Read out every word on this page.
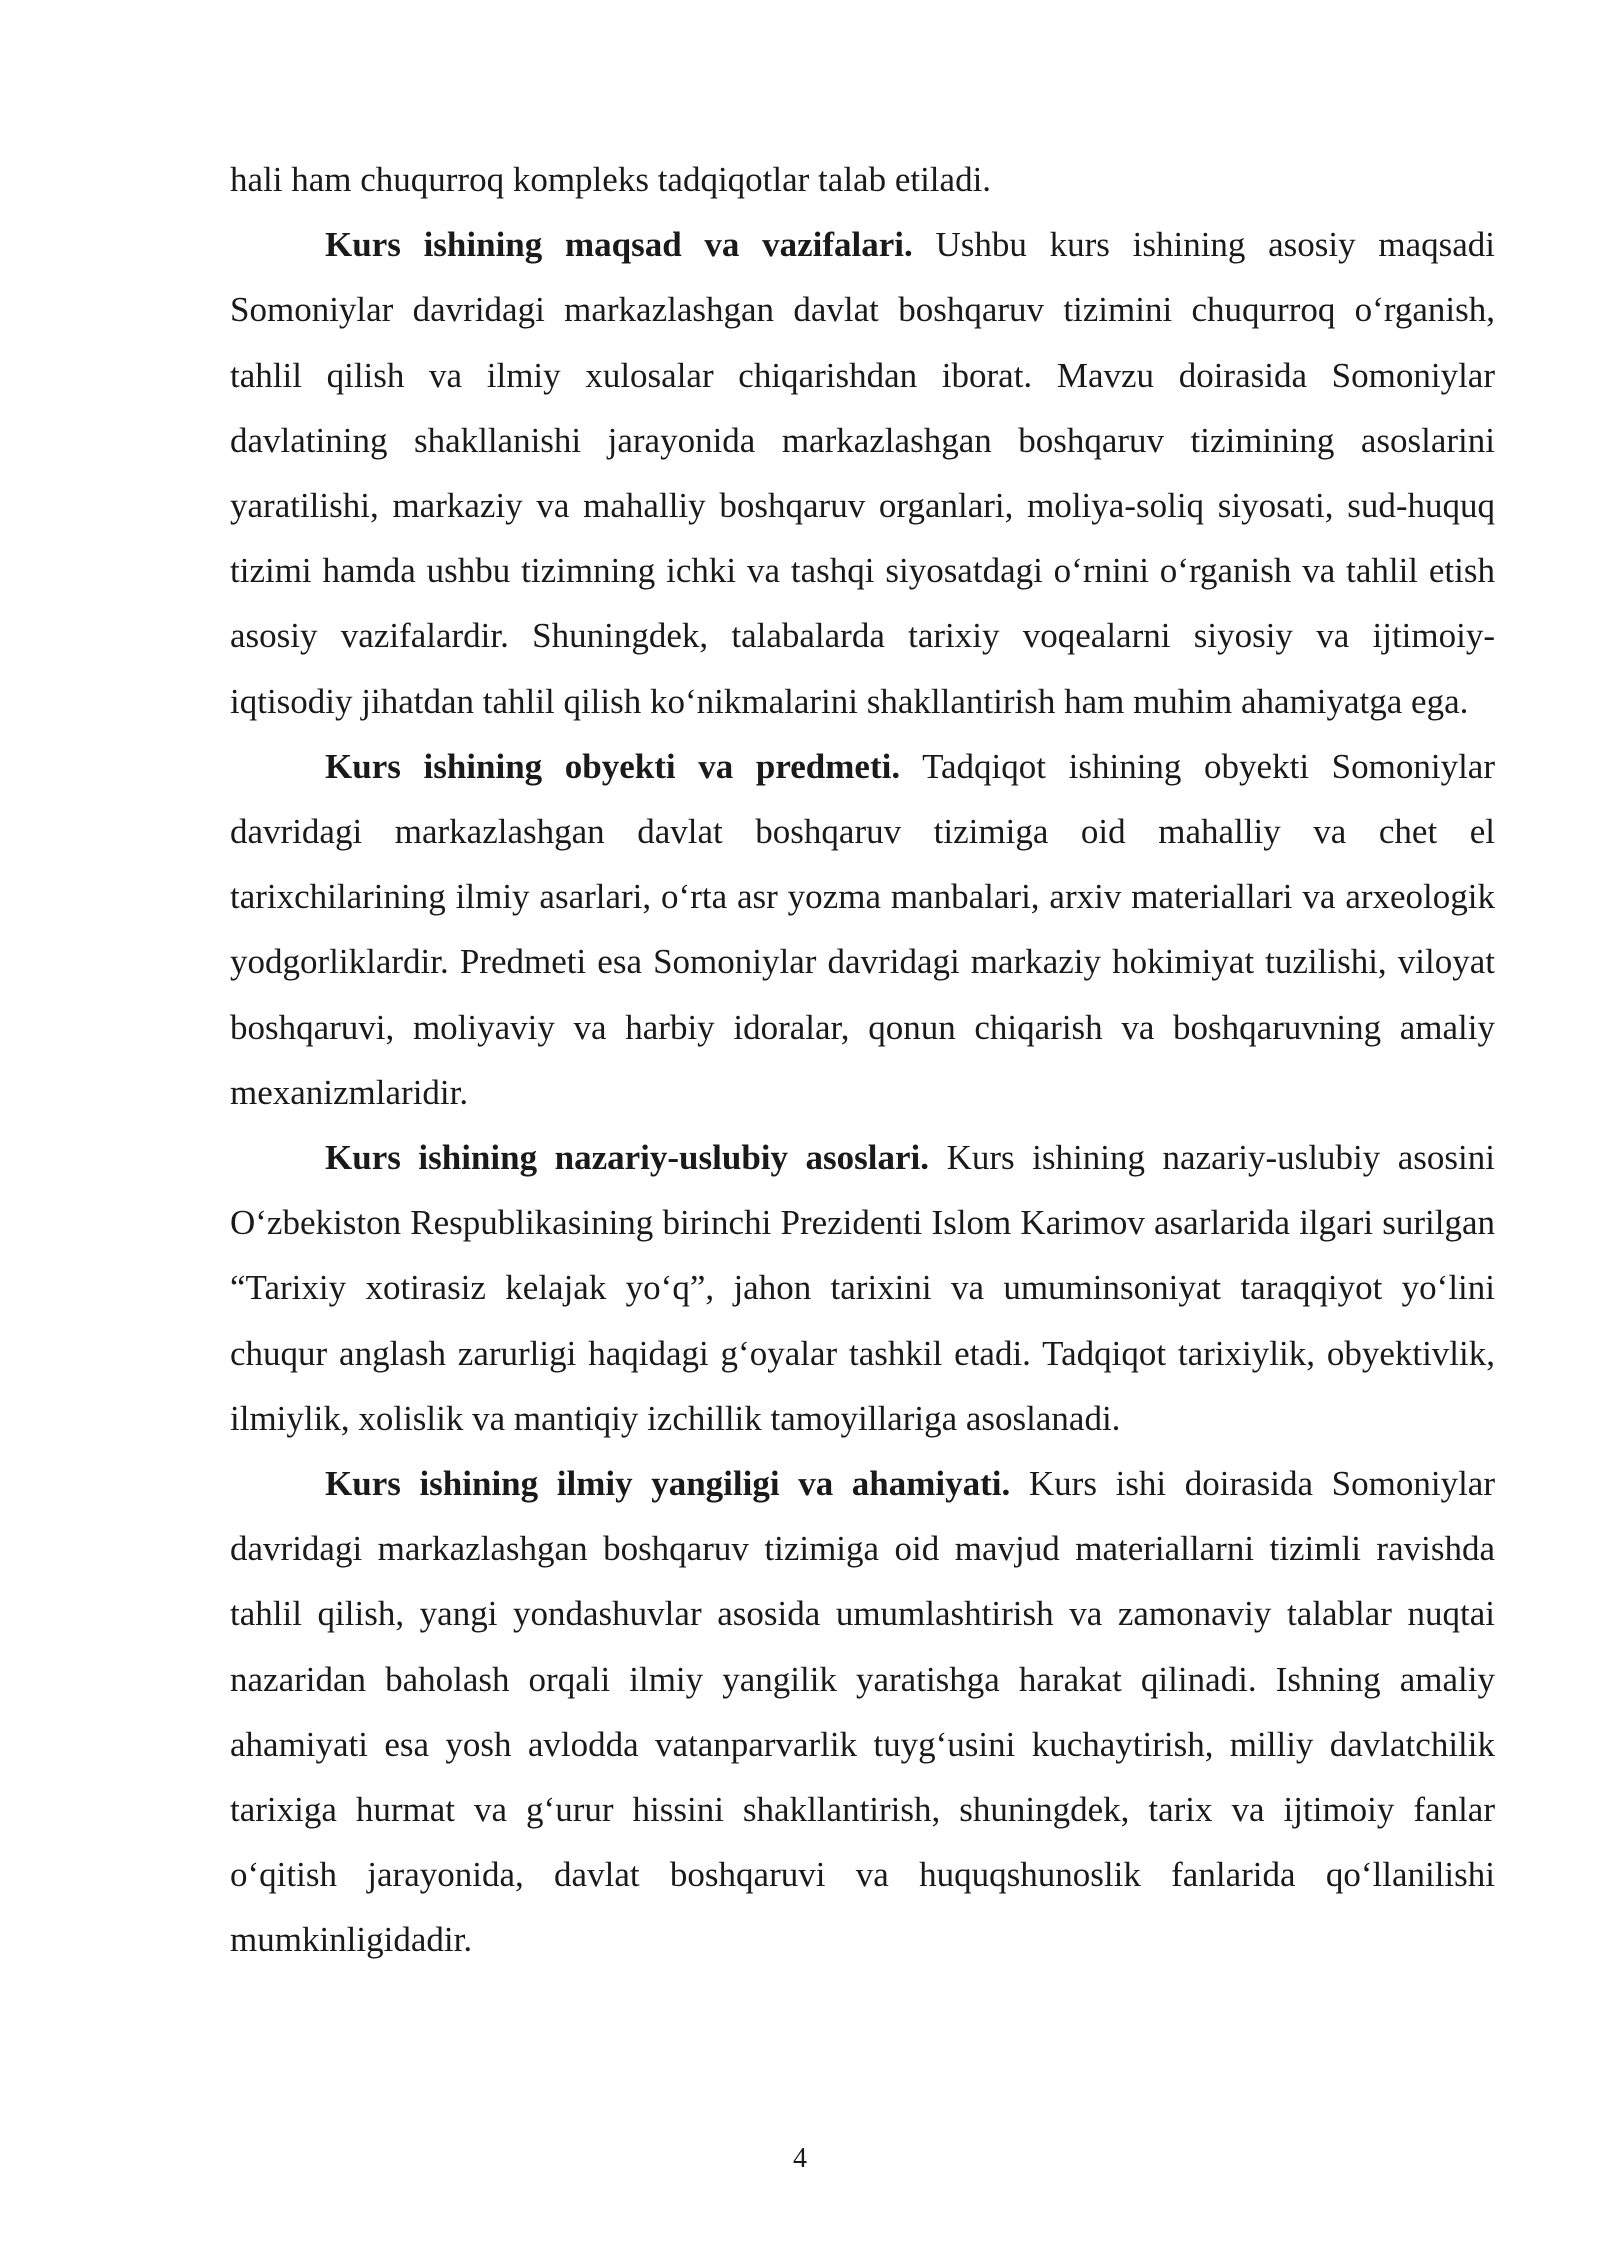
hali ham chuqurroq kompleks tadqiqotlar talab etiladi.

Kurs ishining maqsad va vazifalari. Ushbu kurs ishining asosiy maqsadi Somoniylar davridagi markazlashgan davlat boshqaruv tizimini chuqurroq o‘rganish, tahlil qilish va ilmiy xulosalar chiqarishdan iborat. Mavzu doirasida Somoniylar davlatining shakllanishi jarayonida markazlashgan boshqaruv tizimining asoslarini yaratilishi, markaziy va mahalliy boshqaruv organlari, moliya-soliq siyosati, sud-huquq tizimi hamda ushbu tizimning ichki va tashqi siyosatdagi o‘rnini o‘rganish va tahlil etish asosiy vazifalardir. Shuningdek, talabalarda tarixiy voqealarni siyosiy va ijtimoiy-iqtisodiy jihatdan tahlil qilish ko‘nikmalarini shakllantirish ham muhim ahamiyatga ega.

Kurs ishining obyekti va predmeti. Tadqiqot ishining obyekti Somoniylar davridagi markazlashgan davlat boshqaruv tizimiga oid mahalliy va chet el tarixchilarining ilmiy asarlari, o‘rta asr yozma manbalari, arxiv materiallari va arxeologik yodgorliklardir. Predmeti esa Somoniylar davridagi markaziy hokimiyat tuzilishi, viloyat boshqaruvi, moliyaviy va harbiy idoralar, qonun chiqarish va boshqaruvning amaliy mexanizmlaridir.

Kurs ishining nazariy-uslubiy asoslari. Kurs ishining nazariy-uslubiy asosini O‘zbekiston Respublikasining birinchi Prezidenti Islom Karimov asarlarida ilgari surilgan “Tarixiy xotirasiz kelajak yo‘q”, jahon tarixini va umuminsoniyat taraqqiyot yo‘lini chuqur anglash zarurligi haqidagi g‘oyalar tashkil etadi. Tadqiqot tarixiylik, obyektivlik, ilmiylik, xolislik va mantiqiy izchillik tamoyillariga asoslanadi.

Kurs ishining ilmiy yangiligi va ahamiyati. Kurs ishi doirasida Somoniylar davridagi markazlashgan boshqaruv tizimiga oid mavjud materiallarni tizimli ravishda tahlil qilish, yangi yondashuvlar asosida umumlashtirish va zamonaviy talablar nuqtai nazaridan baholash orqali ilmiy yangilik yaratishga harakat qilinadi. Ishning amaliy ahamiyati esa yosh avlodda vatanparvarlik tuyg‘usini kuchaytirish, milliy davlatchilik tarixiga hurmat va g‘urur hissini shakllantirish, shuningdek, tarix va ijtimoiy fanlar o‘qitish jarayonida, davlat boshqaruvi va huquqshunoslik fanlarida qo‘llanilishi mumkinligidadir.

4
